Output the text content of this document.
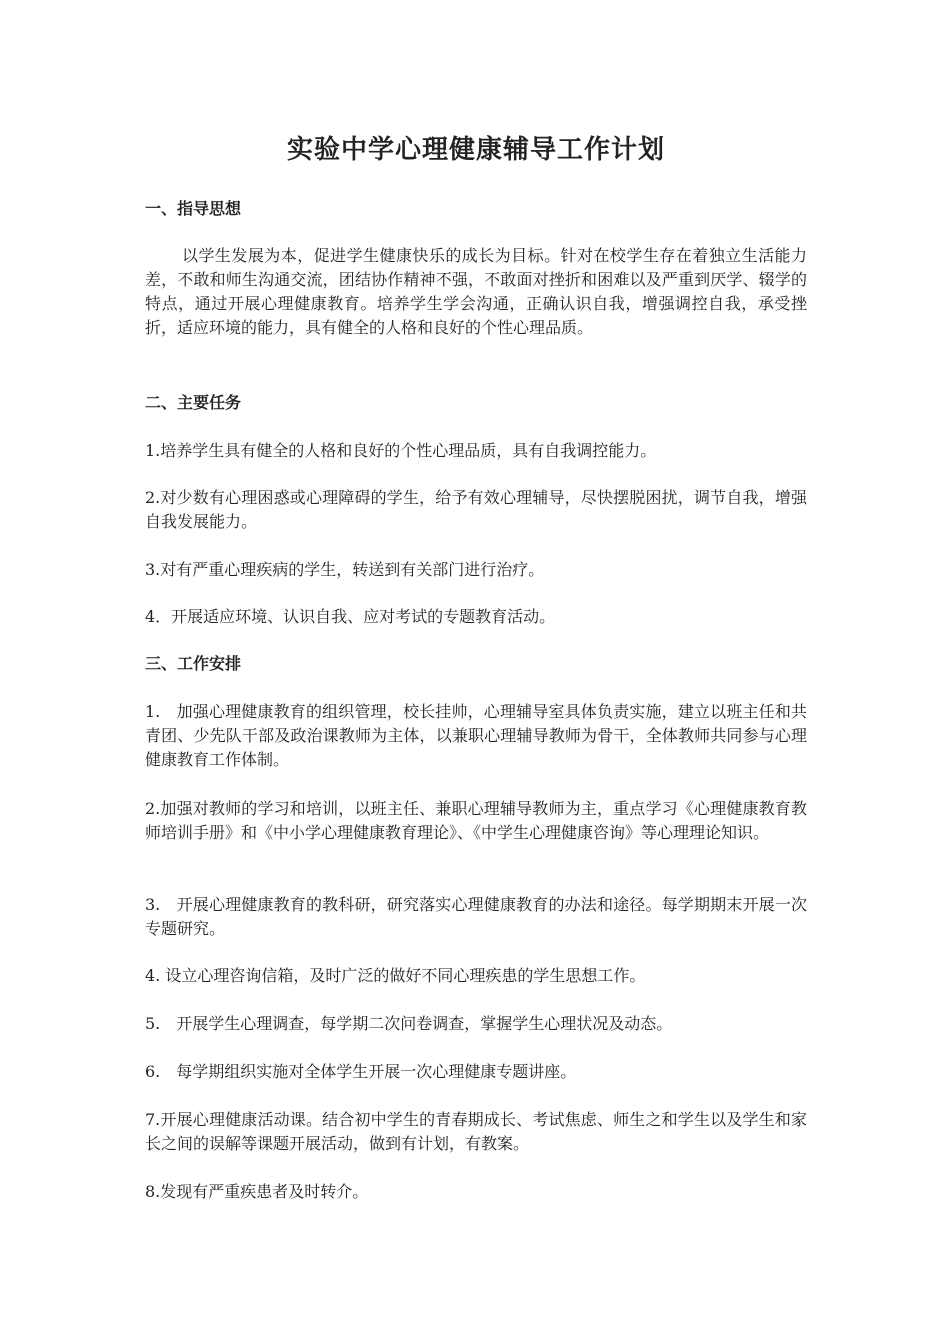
实验中学心理健康辅导工作计划
一、指导思想

以学生发展为本，促进学生健康快乐的成长为目标。针对在校学生存在着独立生活能力差，不敢和师生沟通交流，团结协作精神不强，不敢面对挫折和困难以及严重到厌学、辍学的特点，通过开展心理健康教育。培养学生学会沟通，正确认识自我，增强调控自我，承受挫折，适应环境的能力，具有健全的人格和良好的个性心理品质。

二、主要任务

1.培养学生具有健全的人格和良好的个性心理品质，具有自我调控能力。

2.对少数有心理困惑或心理障碍的学生，给予有效心理辅导，尽快摆脱困扰，调节自我，增强自我发展能力。

3.对有严重心理疾病的学生，转送到有关部门进行治疗。

4．开展适应环境、认识自我、应对考试的专题教育活动。

三、工作安排

1.　加强心理健康教育的组织管理，校长挂帅，心理辅导室具体负责实施，建立以班主任和共青团、少先队干部及政治课教师为主体，以兼职心理辅导教师为骨干，全体教师共同参与心理健康教育工作体制。

2.加强对教师的学习和培训，以班主任、兼职心理辅导教师为主，重点学习《心理健康教育教师培训手册》和《中小学心理健康教育理论》、《中学生心理健康咨询》等心理理论知识。

3.　开展心理健康教育的教科研，研究落实心理健康教育的办法和途径。每学期期末开展一次专题研究。

4. 设立心理咨询信箱，及时广泛的做好不同心理疾患的学生思想工作。

5.　开展学生心理调查，每学期二次问卷调查，掌握学生心理状况及动态。

6.　每学期组织实施对全体学生开展一次心理健康专题讲座。

7.开展心理健康活动课。结合初中学生的青春期成长、考试焦虑、师生之和学生以及学生和家长之间的误解等课题开展活动，做到有计划，有教案。

8.发现有严重疾患者及时转介。
